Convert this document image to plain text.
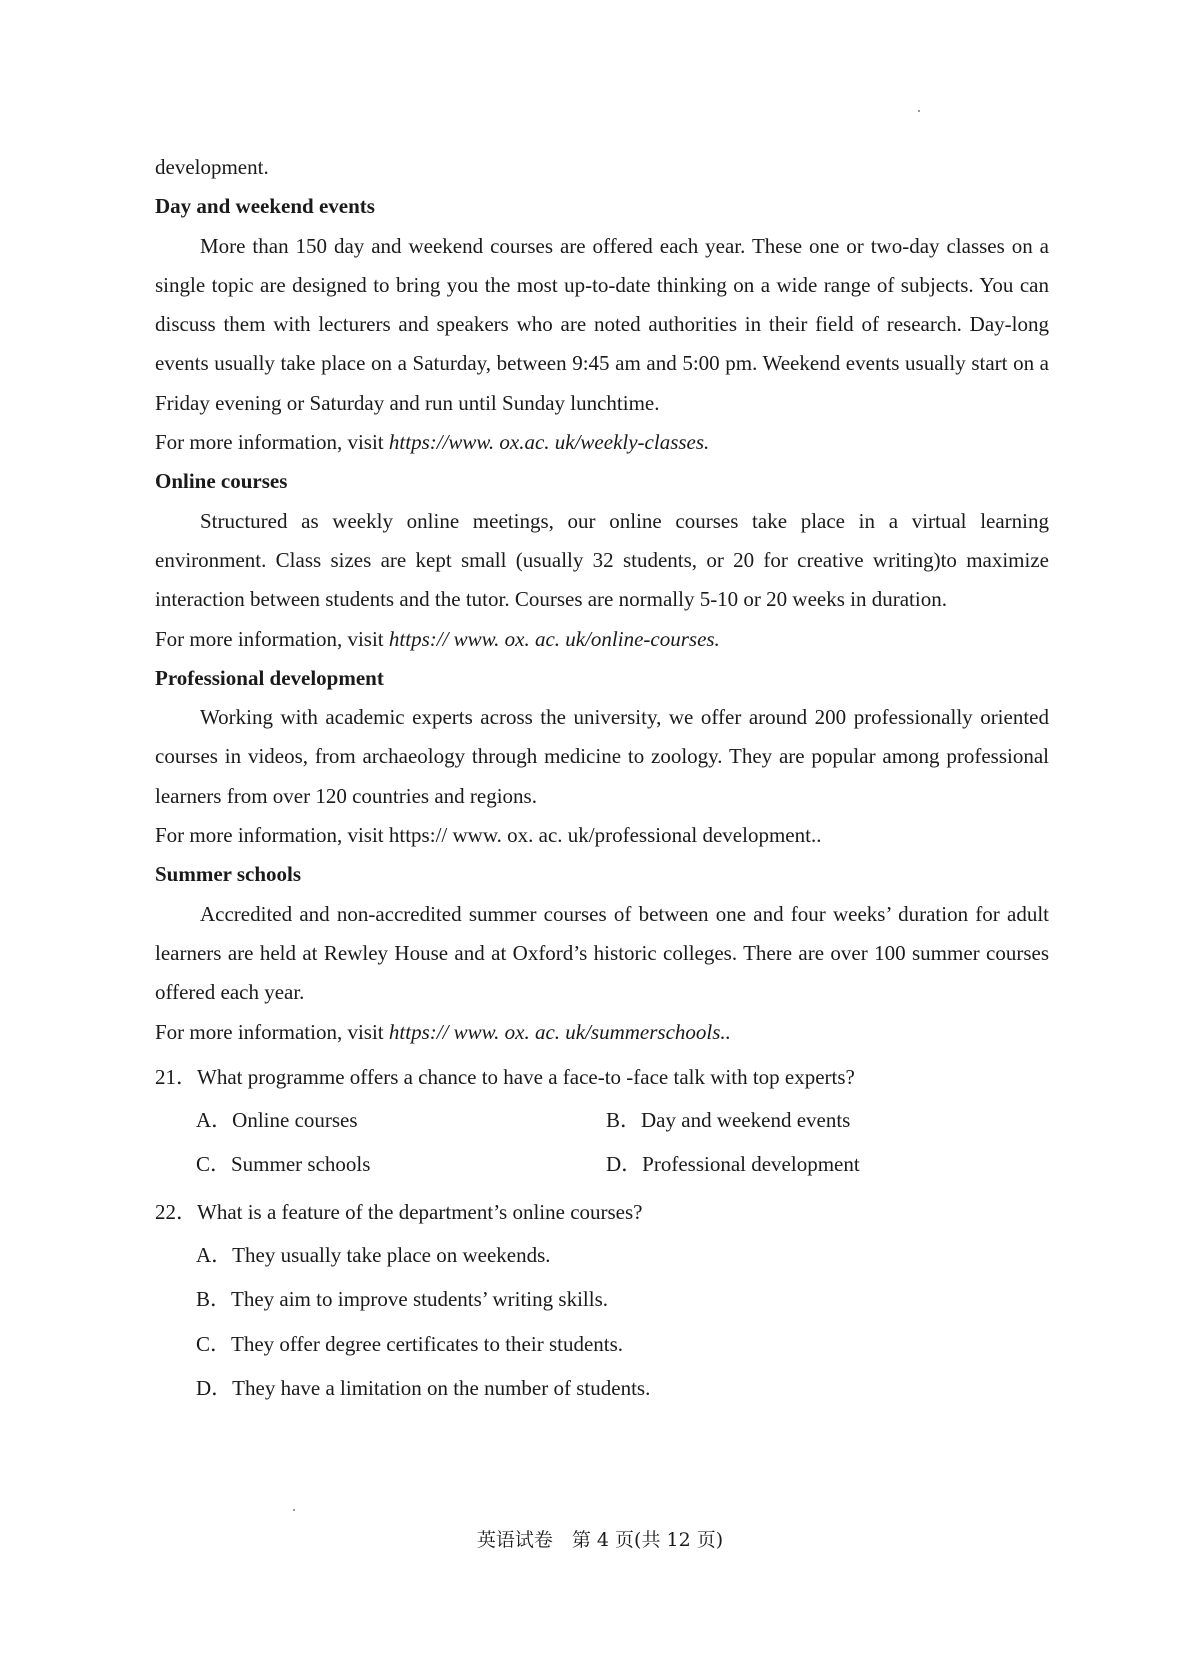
development.

Day and weekend events

More than 150 day and weekend courses are offered each year. These one or two-day classes on a single topic are designed to bring you the most up-to-date thinking on a wide range of subjects. You can discuss them with lecturers and speakers who are noted authorities in their field of research. Day-long events usually take place on a Saturday, between 9:45 am and 5:00 pm. Weekend events usually start on a Friday evening or Saturday and run until Sunday lunchtime.

For more information, visit https://www. ox.ac. uk/weekly-classes.

Online courses

Structured as weekly online meetings, our online courses take place in a virtual learning environment. Class sizes are kept small (usually 32 students, or 20 for creative writing)to maximize interaction between students and the tutor. Courses are normally 5-10 or 20 weeks in duration.

For more information, visit https:// www. ox. ac. uk/online-courses.

Professional development

Working with academic experts across the university, we offer around 200 professionally oriented courses in videos, from archaeology through medicine to zoology. They are popular among professional learners from over 120 countries and regions.

For more information, visit https:// www. ox. ac. uk/professional development..

Summer schools

Accredited and non-accredited summer courses of between one and four weeks’ duration for adult learners are held at Rewley House and at Oxford’s historic colleges. There are over 100 summer courses offered each year.

For more information, visit https:// www. ox. ac. uk/summerschools..

21．What programme offers a chance to have a face-to -face talk with top experts?

A．Online courses	B．Day and weekend events
C．Summer schools	D．Professional development

22．What is a feature of the department’s online courses?

A．They usually take place on weekends.
B．They aim to improve students’ writing skills.
C．They offer degree certificates to their students.
D．They have a limitation on the number of students.
英语试卷　第 4 页(共 12 页)
